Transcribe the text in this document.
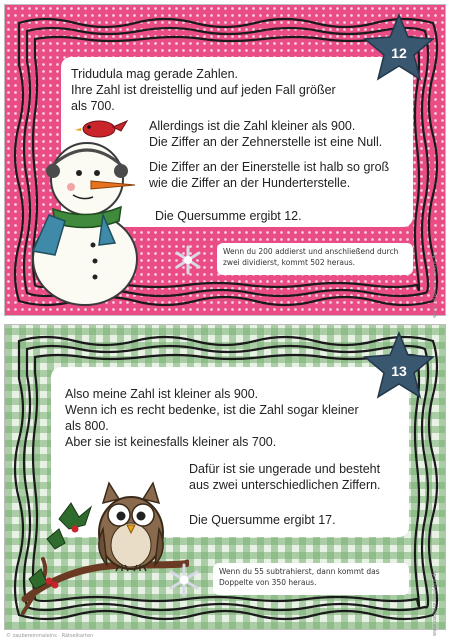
Tridudula mag gerade Zahlen.
Ihre Zahl ist dreistellig und auf jeden Fall größer
als 700.
Allerdings ist die Zahl kleiner als 900.
Die Ziffer an der Zehnerstelle ist eine Null.
Die Ziffer an der Einerstelle ist halb so groß
wie die Ziffer an der Hunderterstelle.
Die Quersumme ergibt 12.
12
Wenn du 200 addierst und anschließend durch
zwei dividierst, kommt 502 heraus.
Also meine Zahl ist kleiner als 900.
Wenn ich es recht bedenke, ist die Zahl sogar kleiner
als 800.
Aber sie ist keinesfalls kleiner als 700.
Dafür ist sie ungerade und besteht
aus zwei unterschiedlichen Ziffern.
Die Quersumme ergibt 17.
13
Wenn du 55 subtrahierst, dann kommt das
Doppelte von 350 heraus.
www.zaubereinmaleins.de
www.zaubereinmaleins.de
© zaubereinmaleins · Rätselkarten
